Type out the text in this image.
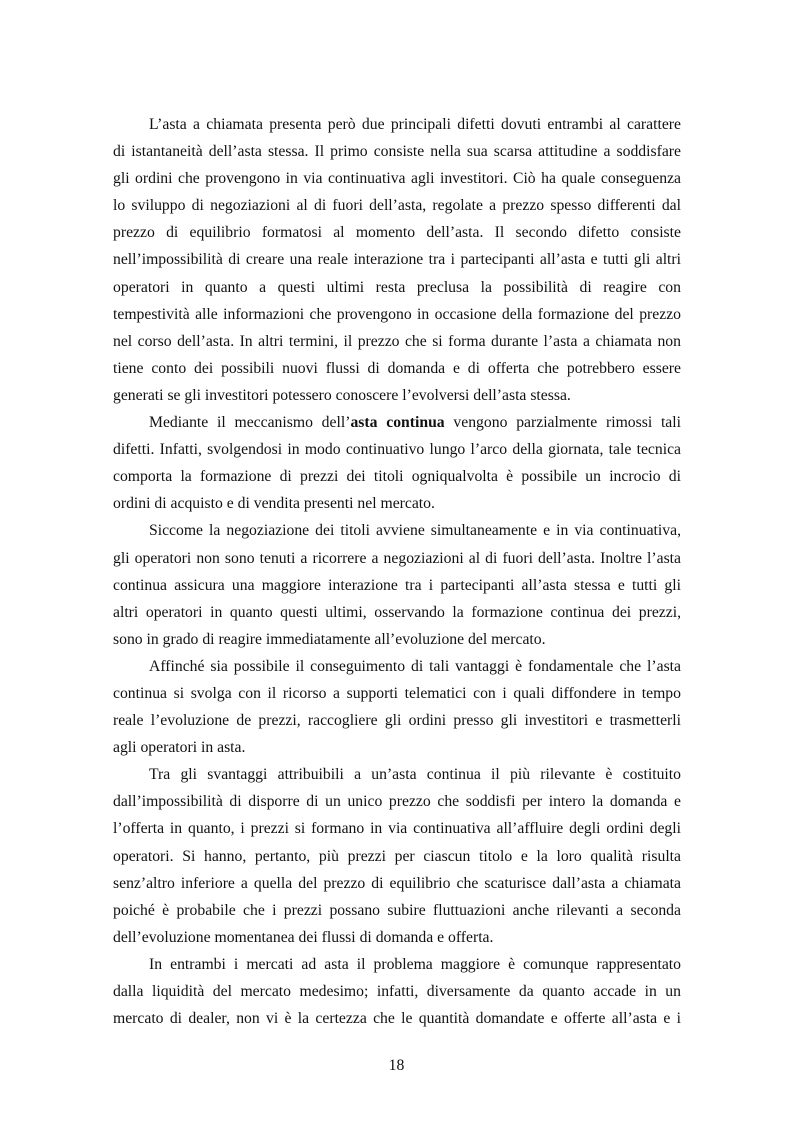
L’asta a chiamata presenta però due principali difetti dovuti entrambi al carattere
di istantaneità dell’asta stessa. Il primo consiste nella sua scarsa attitudine a soddisfare
gli ordini che provengono in via continuativa agli investitori. Ciò ha quale conseguenza
lo sviluppo di negoziazioni al di fuori dell’asta, regolate a prezzo spesso differenti dal
prezzo di equilibrio formatosi al momento dell’asta. Il secondo difetto consiste
nell’impossibilità di creare una reale interazione tra i partecipanti all’asta e tutti gli altri
operatori in quanto a questi ultimi resta preclusa la possibilità di reagire con
tempestività alle informazioni che provengono in occasione della formazione del prezzo
nel corso dell’asta. In altri termini, il prezzo che si forma durante l’asta a chiamata non
tiene conto dei possibili nuovi flussi di domanda e di offerta che potrebbero essere
generati se gli investitori potessero conoscere l’evolversi dell’asta stessa.
Mediante il meccanismo dell’asta continua vengono parzialmente rimossi tali
difetti. Infatti, svolgendosi in modo continuativo lungo l’arco della giornata, tale tecnica
comporta la formazione di prezzi dei titoli ogniqualvolta è possibile un incrocio di
ordini di acquisto e di vendita presenti nel mercato.
Siccome la negoziazione dei titoli avviene simultaneamente e in via continuativa,
gli operatori non sono tenuti a ricorrere a negoziazioni al di fuori dell’asta. Inoltre l’asta
continua assicura una maggiore interazione tra i partecipanti all’asta stessa e tutti gli
altri operatori in quanto questi ultimi, osservando la formazione continua dei prezzi,
sono in grado di reagire immediatamente all’evoluzione del mercato.
Affinché sia possibile il conseguimento di tali vantaggi è fondamentale che l’asta
continua si svolga con il ricorso a supporti telematici con i quali diffondere in tempo
reale l’evoluzione de prezzi, raccogliere gli ordini presso gli investitori e trasmetterli
agli operatori in asta.
Tra gli svantaggi attribuibili a un’asta continua il più rilevante è costituito
dall’impossibilità di disporre di un unico prezzo che soddisfi per intero la domanda e
l’offerta in quanto, i prezzi si formano in via continuativa all’affluire degli ordini degli
operatori. Si hanno, pertanto, più prezzi per ciascun titolo e la loro qualità risulta
senz’altro inferiore a quella del prezzo di equilibrio che scaturisce dall’asta a chiamata
poiché è probabile che i prezzi possano subire fluttuazioni anche rilevanti a seconda
dell’evoluzione momentanea dei flussi di domanda e offerta.
In entrambi i mercati ad asta il problema maggiore è comunque rappresentato
dalla liquidità del mercato medesimo; infatti, diversamente da quanto accade in un
mercato di dealer, non vi è la certezza che le quantità domandate e offerte all’asta e i
18
